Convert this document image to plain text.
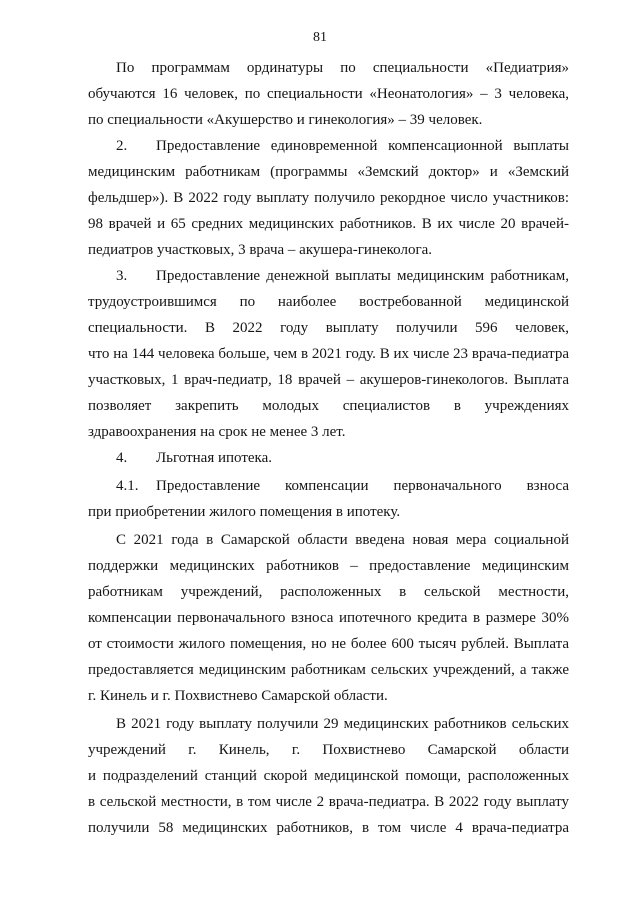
81
По программам ординатуры по специальности «Педиатрия»
обучаются 16 человек, по специальности «Неонатология» – 3 человека,
по специальности «Акушерство и гинекология» – 39 человек.
2.	Предоставление единовременной компенсационной выплаты
медицинским работникам (программы «Земский доктор» и «Земский
фельдшер»). В 2022 году выплату получило рекордное число участников:
98 врачей и 65 средних медицинских работников. В их числе 20 врачей-
педиатров участковых, 3 врача – акушера-гинеколога.
3.	Предоставление денежной выплаты медицинским работникам,
трудоустроившимся по наиболее востребованной медицинской
специальности. В 2022 году выплату получили 596 человек,
что на 144 человека больше, чем в 2021 году. В их числе 23 врача-педиатра
участковых, 1 врач-педиатр, 18 врачей – акушеров-гинекологов. Выплата
позволяет закрепить молодых специалистов в учреждениях
здравоохранения на срок не менее 3 лет.
4.	Льготная ипотека.
4.1.	Предоставление компенсации первоначального взноса
при приобретении жилого помещения в ипотеку.
С 2021 года в Самарской области введена новая мера социальной
поддержки медицинских работников – предоставление медицинским
работникам учреждений, расположенных в сельской местности,
компенсации первоначального взноса ипотечного кредита в размере 30%
от стоимости жилого помещения, но не более 600 тысяч рублей. Выплата
предоставляется медицинским работникам сельских учреждений, а также
г. Кинель и г. Похвистнево Самарской области.
В 2021 году выплату получили 29 медицинских работников сельских
учреждений г. Кинель, г. Похвистнево Самарской области
и подразделений станций скорой медицинской помощи, расположенных
в сельской местности, в том числе 2 врача-педиатра. В 2022 году выплату
получили 58 медицинских работников, в том числе 4 врача-педиатра
